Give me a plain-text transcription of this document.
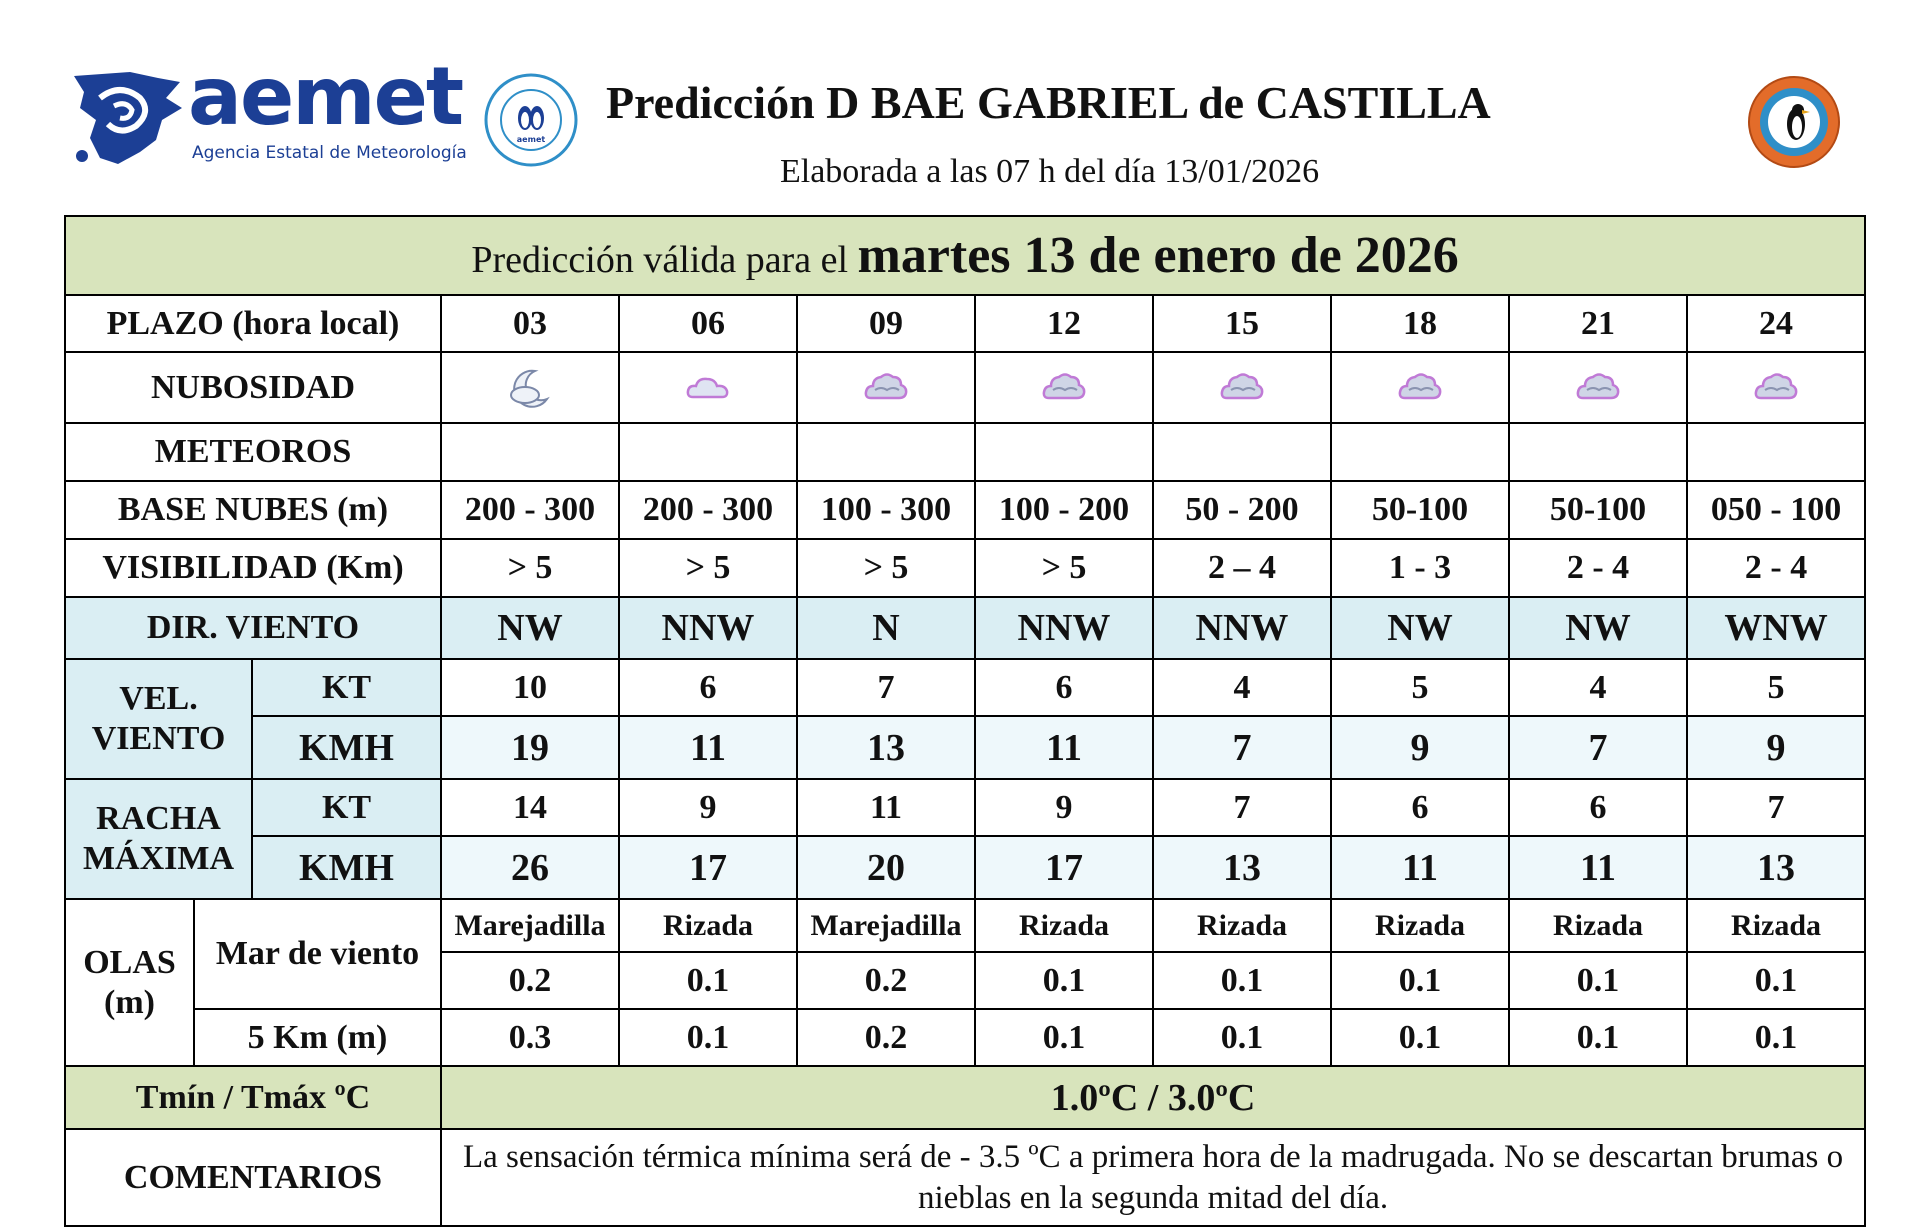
aemet
Agencia Estatal de Meteorología
aemet
Predicción D BAE GABRIEL de CASTILLA
Elaborada a las 07 h del día 13/01/2026
Predicción válida para el martes 13 de enero de 2026										
PLAZO (hora local)			03	06	09	12	15	18	21	24
NUBOSIDAD	

METEOROS										
BASE NUBES (m)			200 - 300	200 - 300	100 - 300	100 - 200	50 - 200	50-100	50-100	050 - 100
VISIBILIDAD (Km)			> 5	> 5	> 5	> 5	2 – 4	1 - 3	2 - 4	2 - 4
DIR. VIENTO			NW	NNW	N	NNW	NNW	NW	NW	WNW
VEL. VIENTO		KT	10	6	7	6	4	5	4	5
		KMH	19	11	13	11	7	9	7	9
RACHA MÁXIMA		KT	14	9	11	9	7	6	6	7
		KMH	26	17	20	17	13	11	11	13
OLAS (m)	Mar de viento		Marejadilla	Rizada	Marejadilla	Rizada	Rizada	Rizada	Rizada	Rizada
			0.2	0.1	0.2	0.1	0.1	0.1	0.1	0.1
	5 Km (m)		0.3	0.1	0.2	0.1	0.1	0.1	0.1	0.1
Tmín / Tmáx ºC			1.0ºC / 3.0ºC							
COMENTARIOS			La sensación térmica mínima será de - 3.5 ºC a primera hora de la madrugada. No se descartan brumas o nieblas en la segunda mitad del día.							
